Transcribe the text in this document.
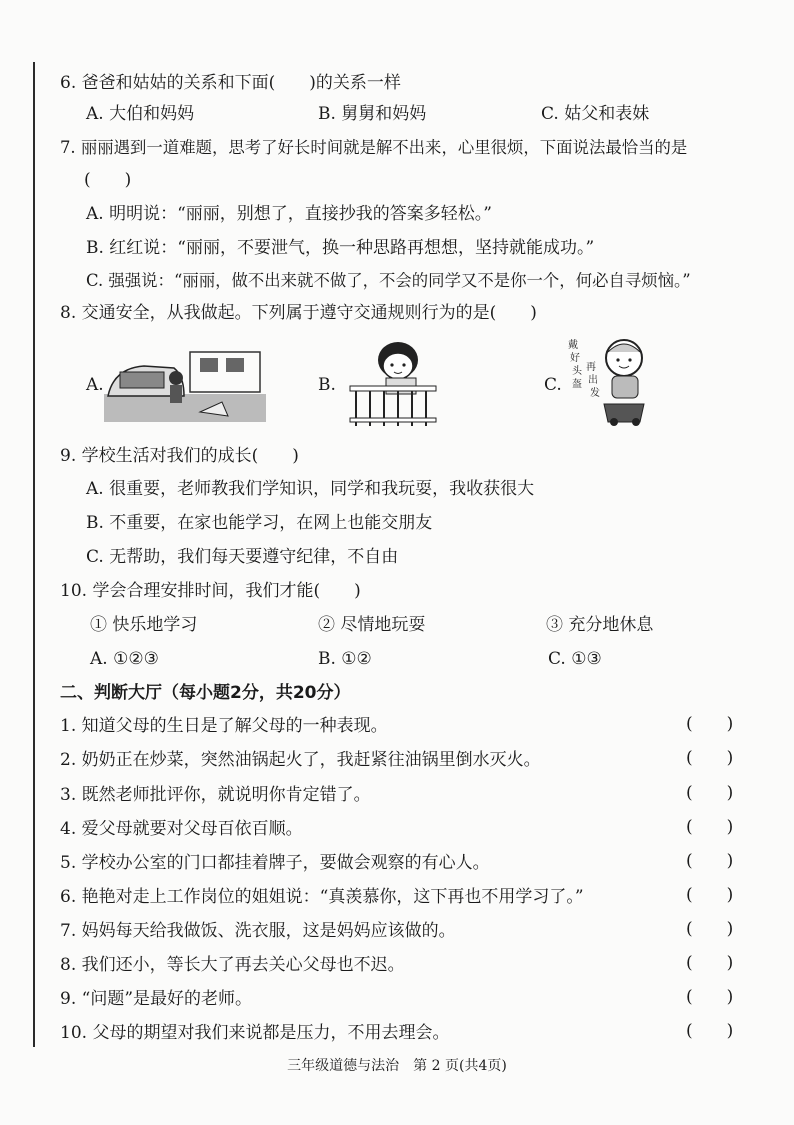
6. 爸爸和姑姑的关系和下面(　　)的关系一样
A. 大伯和妈妈	B. 舅舅和妈妈	C. 姑父和表妹
7. 丽丽遇到一道难题，思考了好长时间就是解不出来，心里很烦，下面说法最恰当的是
(　　)
A. 明明说：“丽丽，别想了，直接抄我的答案多轻松。”
B. 红红说：“丽丽，不要泄气，换一种思路再想想，坚持就能成功。”
C. 强强说：“丽丽，做不出来就不做了，不会的同学又不是你一个，何必自寻烦恼。”
8. 交通安全，从我做起。下列属于遵守交通规则行为的是(　　)
A.	B.	C.
戴
好
头
盔
再
出
发
9. 学校生活对我们的成长(　　)
A. 很重要，老师教我们学知识，同学和我玩耍，我收获很大
B. 不重要，在家也能学习，在网上也能交朋友
C. 无帮助，我们每天要遵守纪律，不自由
10. 学会合理安排时间，我们才能(　　)
① 快乐地学习	② 尽情地玩耍	③ 充分地休息
A. ①②③	B. ①②	C. ①③
二、判断大厅（每小题2分，共20分）
1. 知道父母的生日是了解父母的一种表现。	(　　)
2. 奶奶正在炒菜，突然油锅起火了，我赶紧往油锅里倒水灭火。	(　　)
3. 既然老师批评你，就说明你肯定错了。	(　　)
4. 爱父母就要对父母百依百顺。	(　　)
5. 学校办公室的门口都挂着牌子，要做会观察的有心人。	(　　)
6. 艳艳对走上工作岗位的姐姐说：“真羡慕你，这下再也不用学习了。”	(　　)
7. 妈妈每天给我做饭、洗衣服，这是妈妈应该做的。	(　　)
8. 我们还小，等长大了再去关心父母也不迟。	(　　)
9. “问题”是最好的老师。	(　　)
10. 父母的期望对我们来说都是压力，不用去理会。	(　　)
三年级道德与法治　第 2 页(共4页)
